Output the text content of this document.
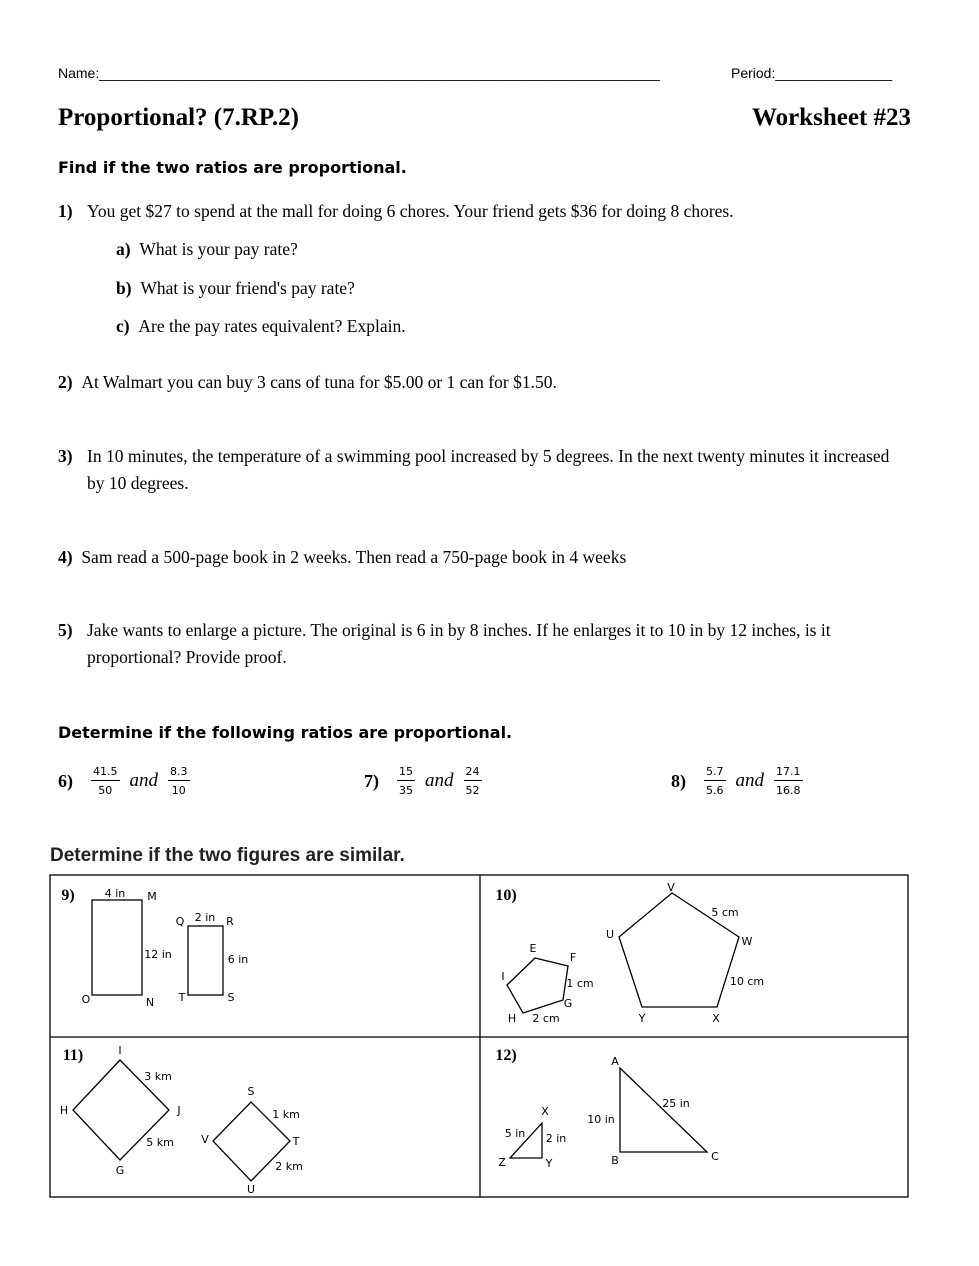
Name:________________________________________________________________________	Period:_______________
Proportional? (7.RP.2)	Worksheet #23
Find if the two ratios are proportional.
1) You get $27 to spend at the mall for doing 6 chores. Your friend gets $36 for doing 8 chores.
a) What is your pay rate?
b) What is your friend's pay rate?
c) Are the pay rates equivalent? Explain.
2) At Walmart you can buy 3 cans of tuna for $5.00 or 1 can for $1.50.
3) In 10 minutes, the temperature of a swimming pool increased by 5 degrees. In the next twenty minutes it increased by 10 degrees.
4) Sam read a 500-page book in 2 weeks. Then read a 750-page book in 4 weeks
5) Jake wants to enlarge a picture. The original is 6 in by 8 inches. If he enlarges it to 10 in by 12 inches, is it proportional? Provide proof.
Determine if the following ratios are proportional.
$6) \frac{41.5}{50}$ and $\frac{8.3}{10}$	$7) \frac{15}{35}$ and $\frac{24}{52}$	$8) \frac{5.7}{5.6}$ and $\frac{17.1}{16.8}$
Determine if the two figures are similar.
9)	10)
11)	12)
4 in M
Q 2 in R
12 in	6 in
O	N T	S
E
F
I
1 cm
G
H 2 cm
V
5 cm
U
W
10 cm
Y	X
I
3 km
H	J
5 km
G
S
1 km
V	T
2 km
U
X
5 in 2 in
Z	Y
A
10 in
25 in
B	C
